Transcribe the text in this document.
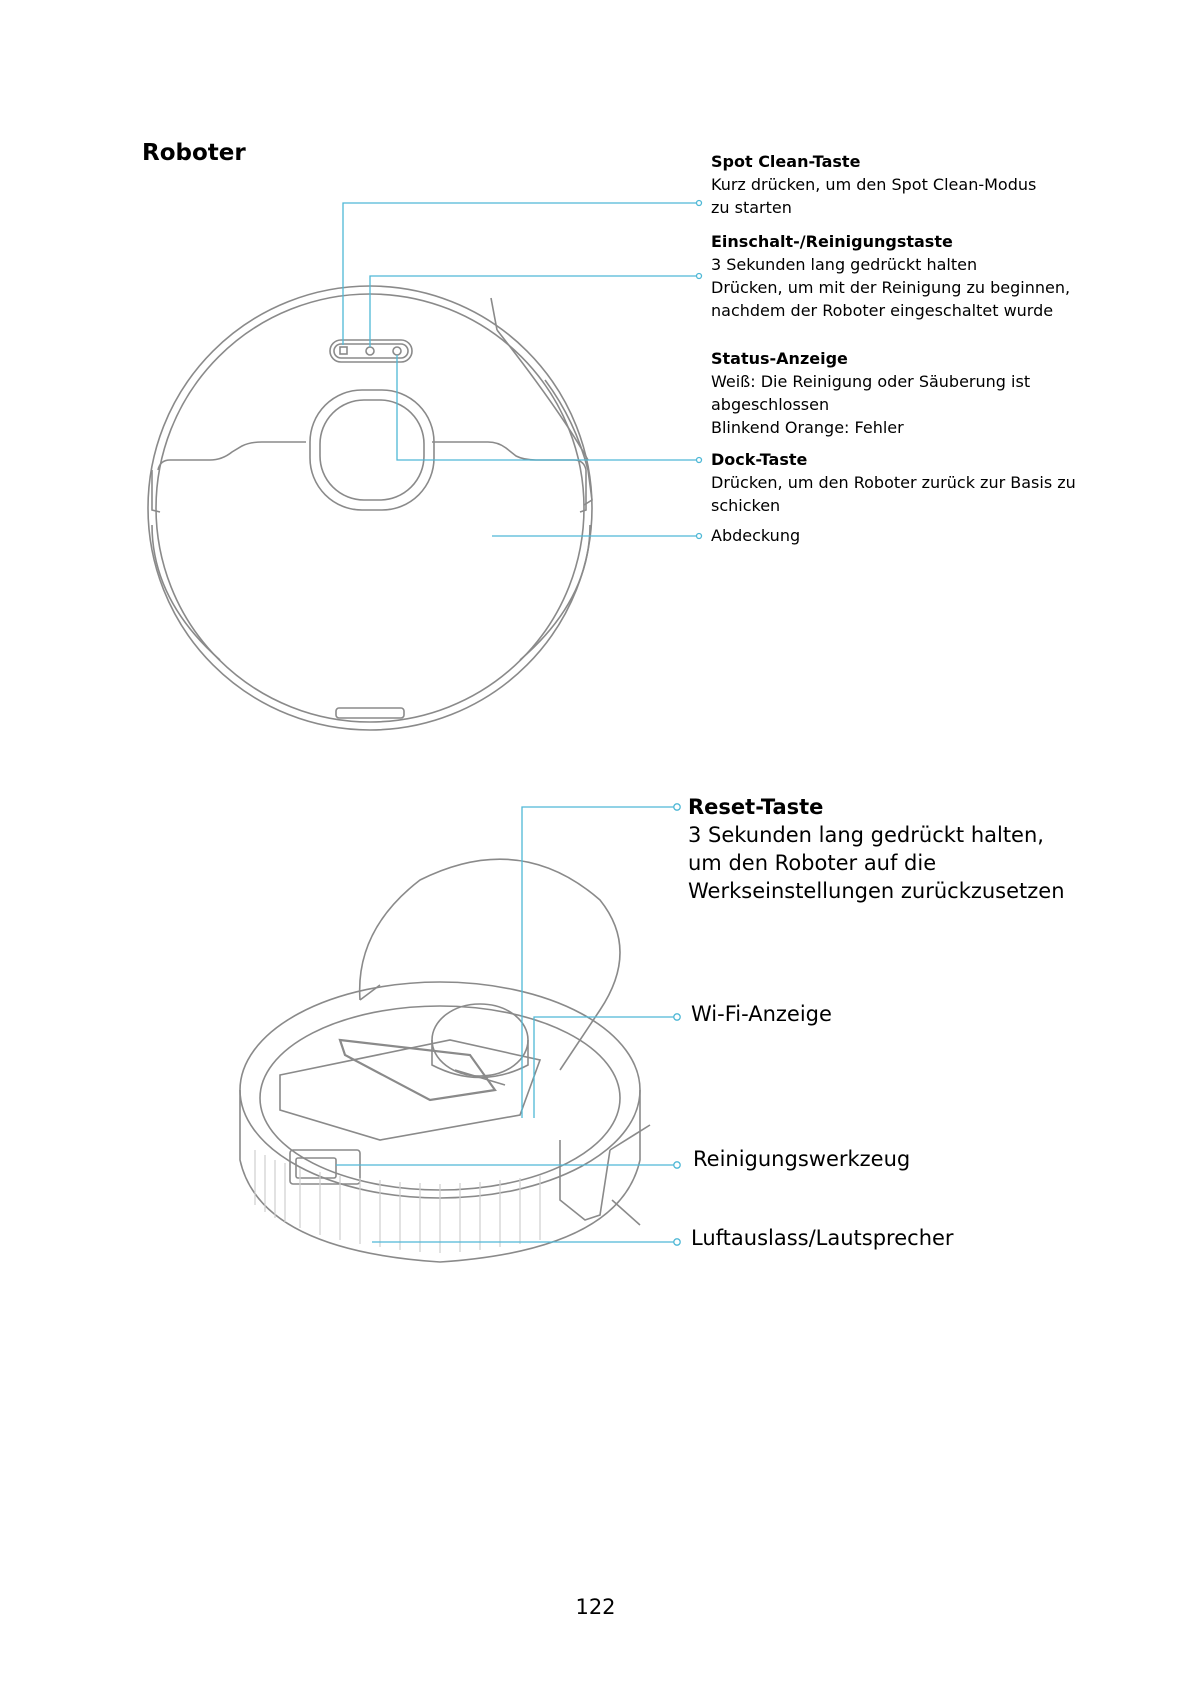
Roboter	Spot Clean-Taste
Kurz drücken, um den Spot Clean-Modus
zu starten
Einschalt-/Reinigungstaste
3 Sekunden lang gedrückt halten
Drücken, um mit der Reinigung zu beginnen,
nachdem der Roboter eingeschaltet wurde
Status-Anzeige
Weiß: Die Reinigung oder Säuberung ist
abgeschlossen
Blinkend Orange: Fehler
Dock-Taste
Drücken, um den Roboter zurück zur Basis zu
schicken
Abdeckung
Reset-Taste
3 Sekunden lang gedrückt halten,
um den Roboter auf die
Werkseinstellungen zurückzusetzen
Wi-Fi-Anzeige
Reinigungswerkzeug
Luftauslass/Lautsprecher
122
